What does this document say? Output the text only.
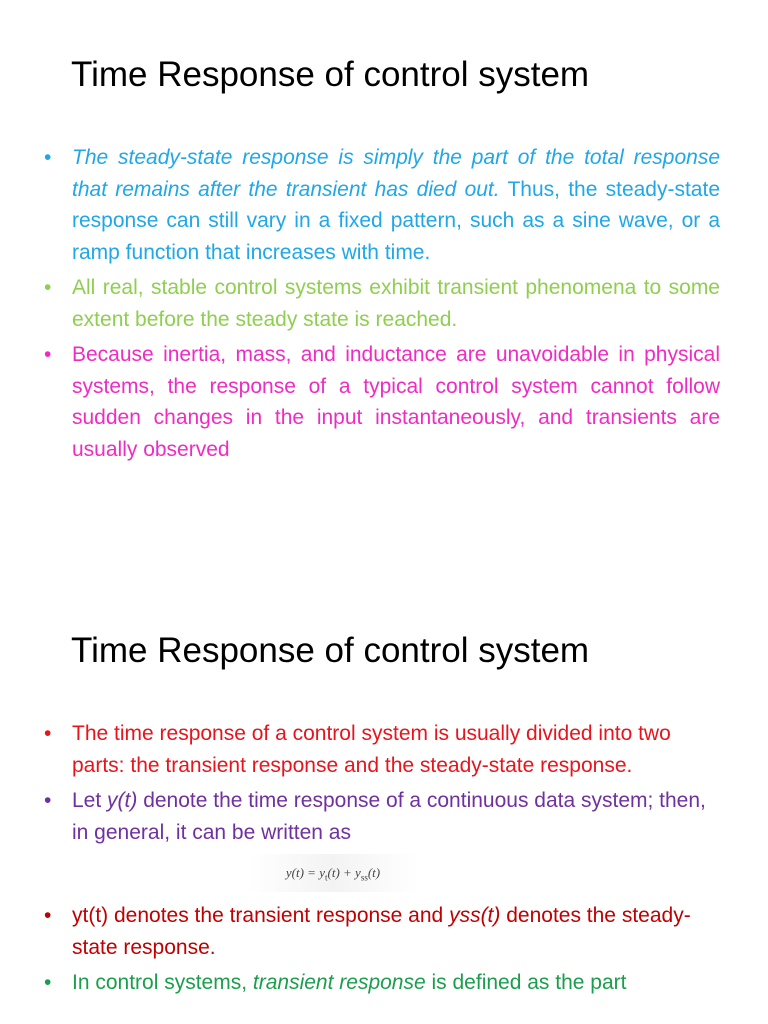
Time Response of control system
• The steady-state response is simply the part of the total response that remains after the transient has died out. Thus, the steady-state response can still vary in a fixed pattern, such as a sine wave, or a ramp function that increases with time.
• All real, stable control systems exhibit transient phenomena to some extent before the steady state is reached.
• Because inertia, mass, and inductance are unavoidable in physical systems, the response of a typical control system cannot follow sudden changes in the input instantaneously, and transients are usually observed
Time Response of control system
• The time response of a control system is usually divided into two parts: the transient response and the steady-state response.
• Let y(t) denote the time response of a continuous data system; then, in general, it can be written as
$y(t) = y_t(t) + y_{ss}(t)$
• yt(t) denotes the transient response and yss(t) denotes the steady-state response.
• In control systems, transient response is defined as the part
